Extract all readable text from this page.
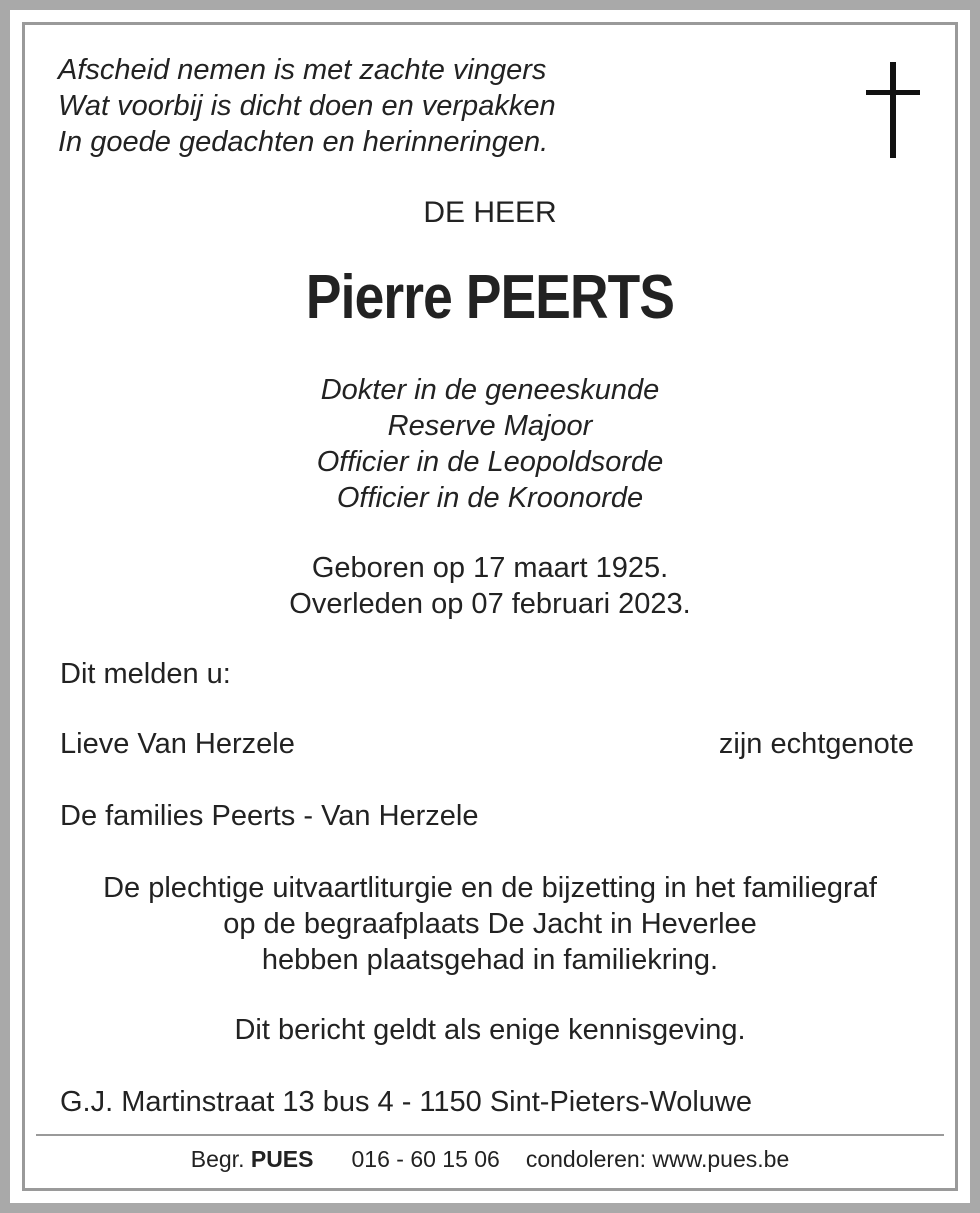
Afscheid nemen is met zachte vingers
Wat voorbij is dicht doen en verpakken
In goede gedachten en herinneringen.
DE HEER
Pierre PEERTS
Dokter in de geneeskunde
Reserve Majoor
Officier in de Leopoldsorde
Officier in de Kroonorde
Geboren op 17 maart 1925.
Overleden op 07 februari 2023.
Dit melden u:
Lieve Van Herzele	zijn echtgenote
De families Peerts - Van Herzele
De plechtige uitvaartliturgie en de bijzetting in het familiegraf
op de begraafplaats De Jacht in Heverlee
hebben plaatsgehad in familiekring.
Dit bericht geldt als enige kennisgeving.
G.J. Martinstraat 13 bus 4 - 1150 Sint-Pieters-Woluwe
Begr. PUES 016 - 60 15 06 condoleren: www.pues.be
